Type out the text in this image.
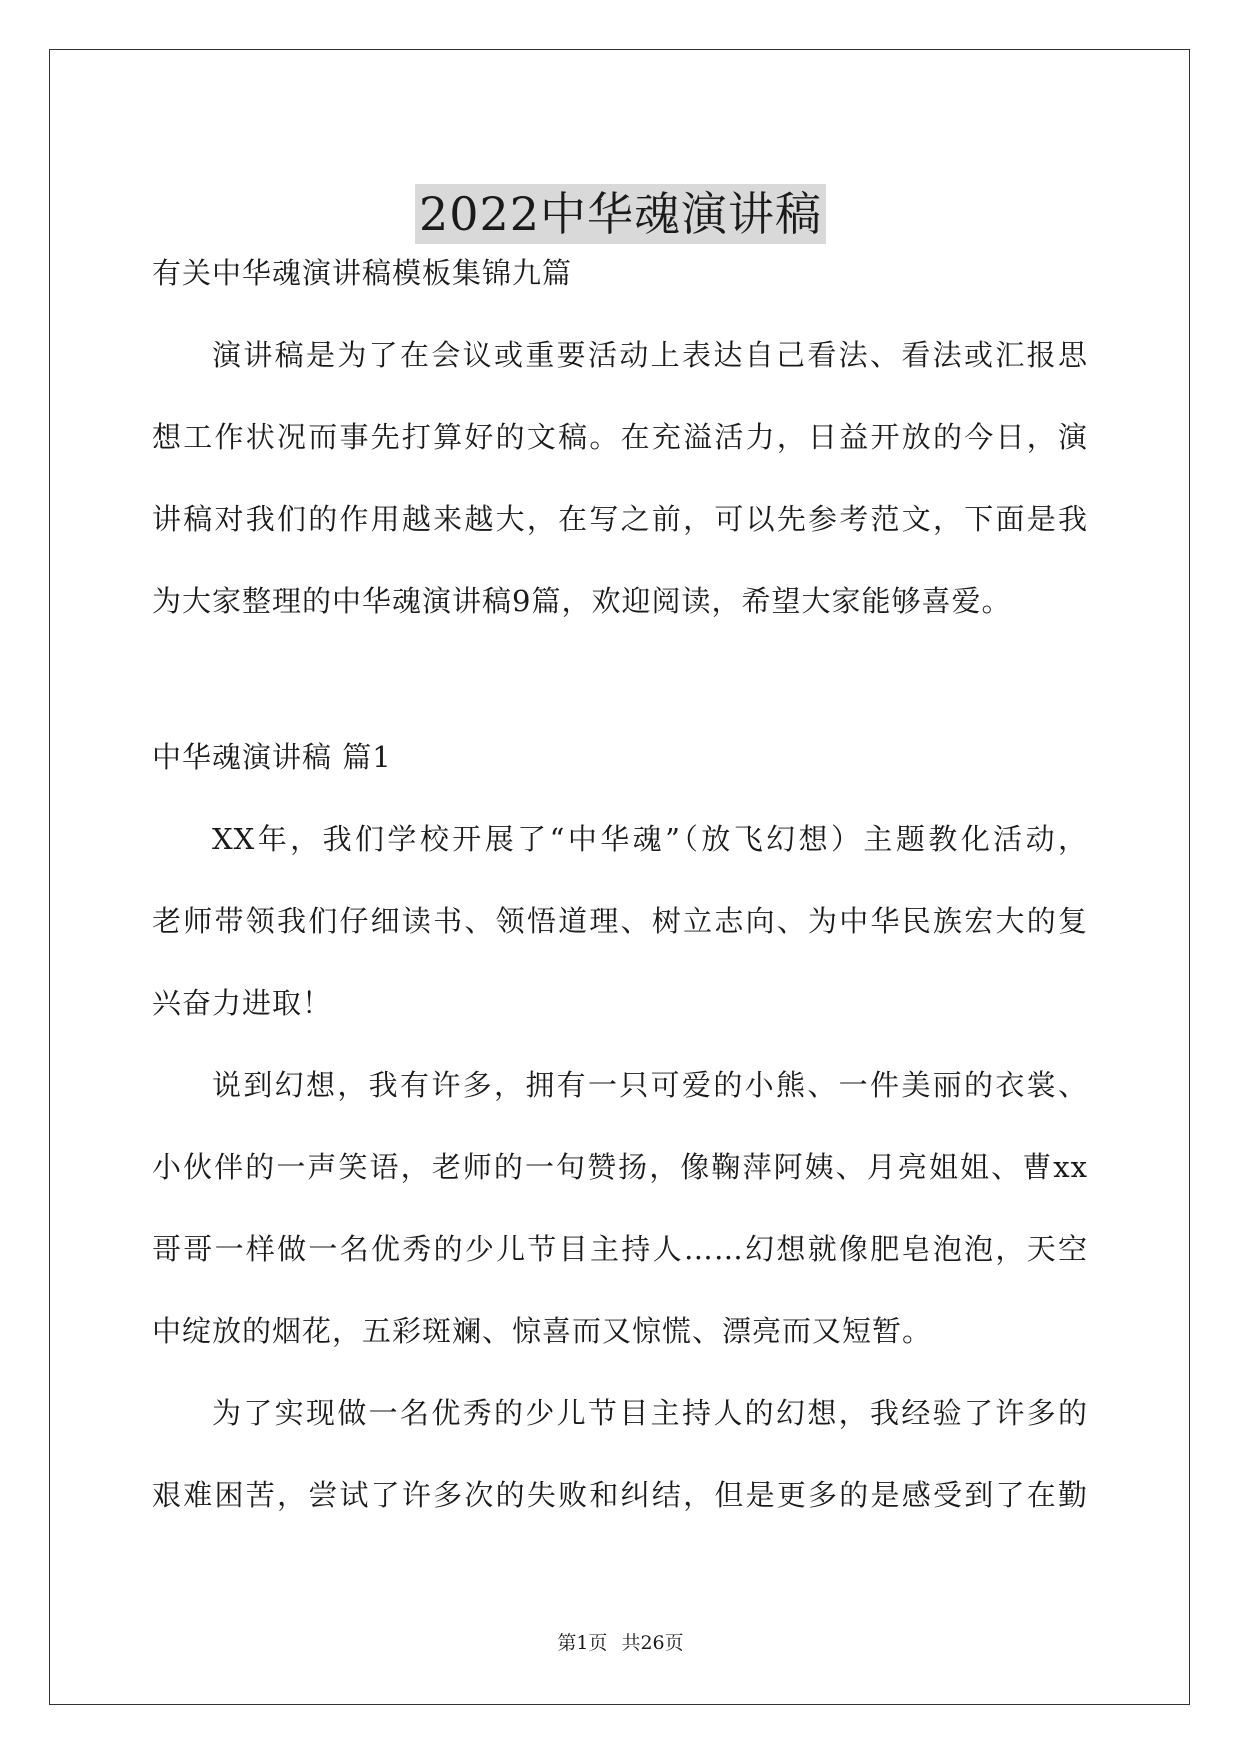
2022中华魂演讲稿
有关中华魂演讲稿模板集锦九篇
演讲稿是为了在会议或重要活动上表达自己看法、看法或汇报思
想工作状况而事先打算好的文稿。在充溢活力，日益开放的今日，演
讲稿对我们的作用越来越大，在写之前，可以先参考范文，下面是我
为大家整理的中华魂演讲稿9篇，欢迎阅读，希望大家能够喜爱。
中华魂演讲稿 篇1
XX年，我们学校开展了“中华魂”（放飞幻想）主题教化活动，
老师带领我们仔细读书、领悟道理、树立志向、为中华民族宏大的复
兴奋力进取！
说到幻想，我有许多，拥有一只可爱的小熊、一件美丽的衣裳、
小伙伴的一声笑语，老师的一句赞扬，像鞠萍阿姨、月亮姐姐、曹xx
哥哥一样做一名优秀的少儿节目主持人……幻想就像肥皂泡泡，天空
中绽放的烟花，五彩斑斓、惊喜而又惊慌、漂亮而又短暂。
为了实现做一名优秀的少儿节目主持人的幻想，我经验了许多的
艰难困苦，尝试了许多次的失败和纠结，但是更多的是感受到了在勤
第1页 共26页
